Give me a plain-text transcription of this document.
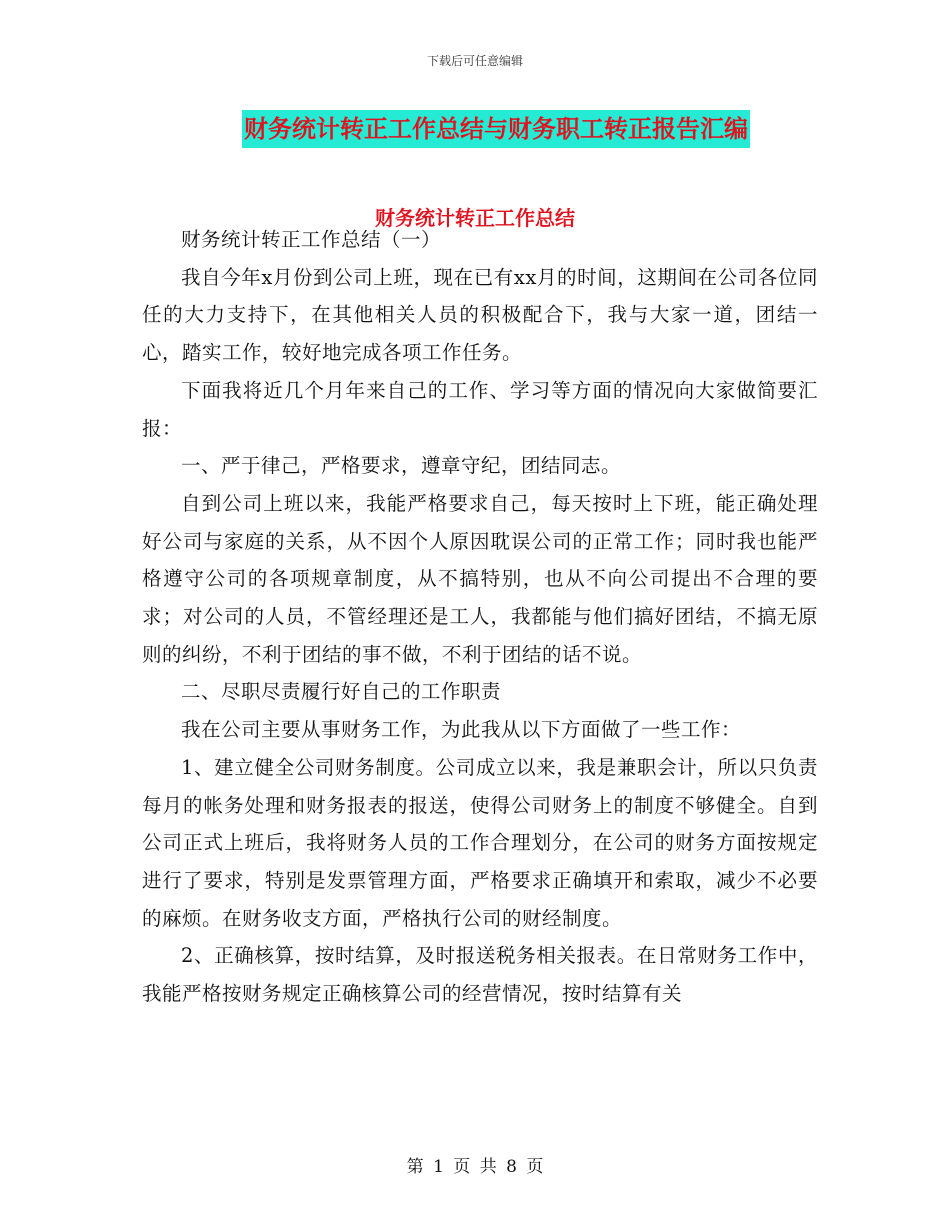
下载后可任意编辑
财务统计转正工作总结与财务职工转正报告汇编
财务统计转正工作总结

财务统计转正工作总结（一）

我自今年x月份到公司上班，现在已有xx月的时间，这期间在公司各位同任的大力支持下，在其他相关人员的积极配合下，我与大家一道，团结一心，踏实工作，较好地完成各项工作任务。

下面我将近几个月年来自己的工作、学习等方面的情况向大家做简要汇报：

一、严于律己，严格要求，遵章守纪，团结同志。

自到公司上班以来，我能严格要求自己，每天按时上下班，能正确处理好公司与家庭的关系，从不因个人原因耽误公司的正常工作；同时我也能严格遵守公司的各项规章制度，从不搞特别，也从不向公司提出不合理的要求；对公司的人员，不管经理还是工人，我都能与他们搞好团结，不搞无原则的纠纷，不利于团结的事不做，不利于团结的话不说。

二、尽职尽责履行好自己的工作职责

我在公司主要从事财务工作，为此我从以下方面做了一些工作：

1、建立健全公司财务制度。公司成立以来，我是兼职会计，所以只负责每月的帐务处理和财务报表的报送，使得公司财务上的制度不够健全。自到公司正式上班后，我将财务人员的工作合理划分，在公司的财务方面按规定进行了要求，特别是发票管理方面，严格要求正确填开和索取，减少不必要的麻烦。在财务收支方面，严格执行公司的财经制度。

2、正确核算，按时结算，及时报送税务相关报表。在日常财务工作中，我能严格按财务规定正确核算公司的经营情况，按时结算有关

第 1 页 共 8 页
